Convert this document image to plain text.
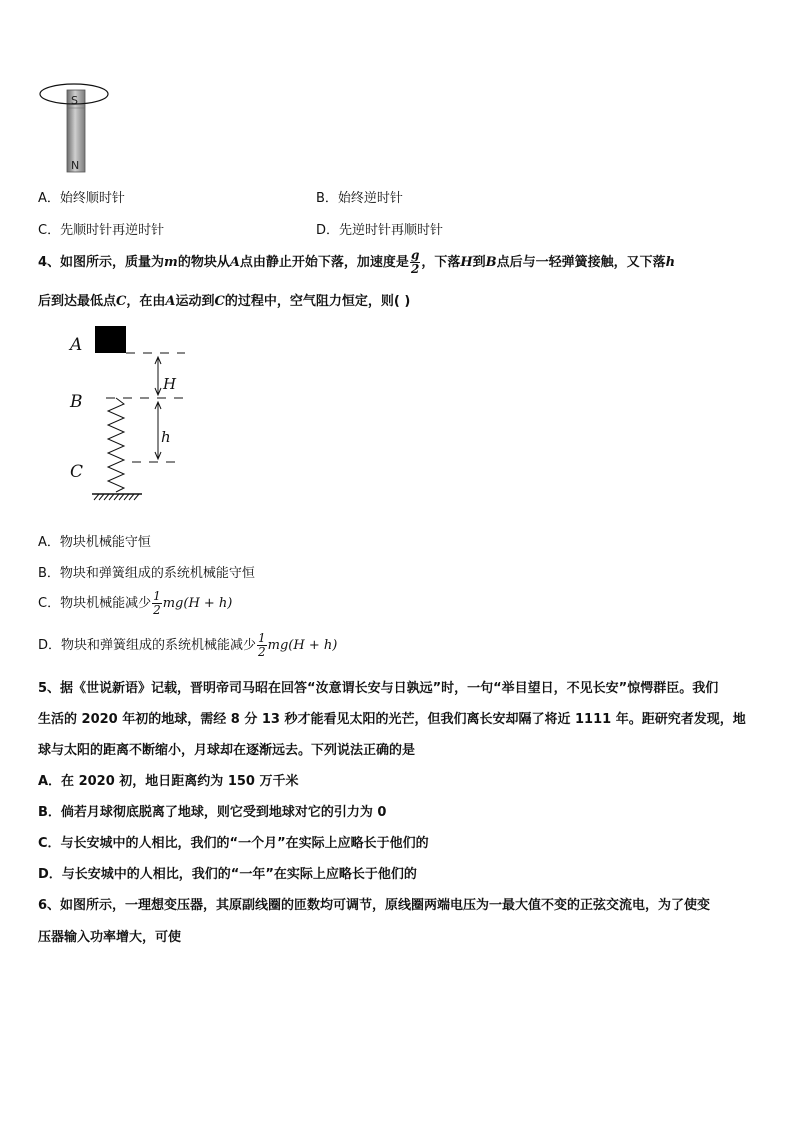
S
N
A．始终顺时针	B．始终逆时针
C．先顺时针再逆时针	D．先逆时针再顺时针
4、如图所示，质量为m的物块从A点由静止开始下落，加速度是 $\frac{g}{2}$ ，下落H到B点后与一轻弹簧接触，又下落h
后到达最低点C，在由A运动到C的过程中，空气阻力恒定，则( )
A
B
C
H
h
A．物块机械能守恒
B．物块和弹簧组成的系统机械能守恒
C．物块机械能减少 $\frac{1}{2} mg(H + h)$
D．物块和弹簧组成的系统机械能减少 $\frac{1}{2} mg(H + h)$
5、据《世说新语》记载，晋明帝司马昭在回答“汝意谓长安与日孰远”时，一句“举目望日，不见长安”惊愕群臣。我们
生活的 2020 年初的地球，需经 8 分 13 秒才能看见太阳的光芒，但我们离长安却隔了将近 1111 年。距研究者发现，地
球与太阳的距离不断缩小，月球却在逐渐远去。下列说法正确的是
A．在 2020 初，地日距离约为 150 万千米
B．倘若月球彻底脱离了地球，则它受到地球对它的引力为 0
C．与长安城中的人相比，我们的“一个月”在实际上应略长于他们的
D．与长安城中的人相比，我们的“一年”在实际上应略长于他们的
6、如图所示，一理想变压器，其原副线圈的匝数均可调节，原线圈两端电压为一最大值不变的正弦交流电，为了使变
压器输入功率增大，可使
